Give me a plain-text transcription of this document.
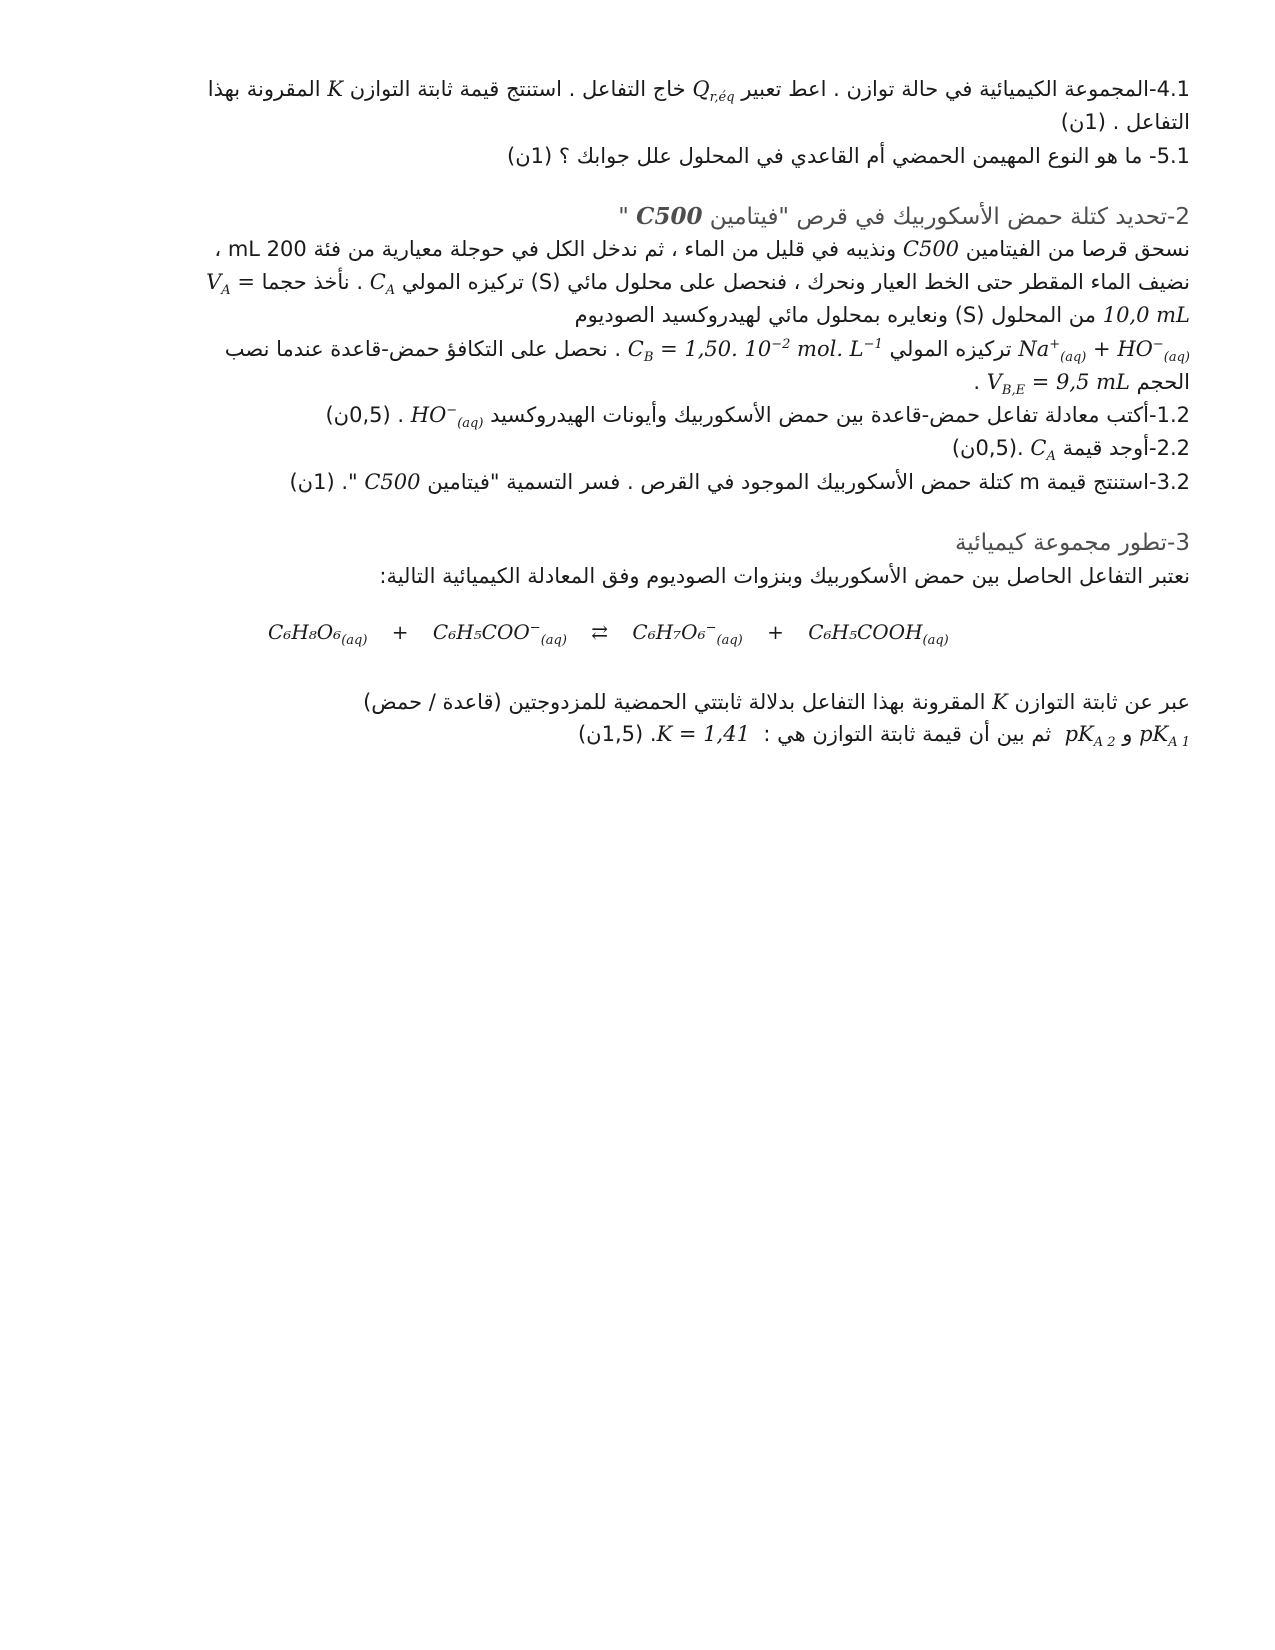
4.1-المجموعة الكيميائية في حالة توازن . اعط تعبير $Q_{r,éq}$ خاج التفاعل . استنتج قيمة ثابتة التوازن K المقرونة بهذا
التفاعل . (1ن)
5.1- ما هو النوع المهيمن الحمضي أم القاعدي في المحلول علل جوابك ؟ (1ن)
2-تحديد كتلة حمض الأسكوربيك في قرص "فيتامين C500 "
نسحق قرصا من الفيتامين C500 ونذيبه في قليل من الماء ، ثم ندخل الكل في حوجلة معيارية من فئة 200 mL ،
نضيف الماء المقطر حتى الخط العيار ونحرك ، فنحصل على محلول مائي (S) تركيزه المولي $C_A$ . نأخذ حجما $V_A$ =
10,0 mL من المحلول (S) ونعايره بمحلول مائي لهيدروكسيد الصوديوم
$Na^+_{(aq)} + HO^-_{(aq)}$ تركيزه المولي $C_B = 1,50$. $10^{-2}$ mol. $L^{-1}$ . نحصل على التكافؤ حمض-قاعدة عندما نصب
الحجم $V_{B,E} = 9,5$ mL .
1.2-أكتب معادلة تفاعل حمض-قاعدة بين حمض الأسكوربيك وأيونات الهيدروكسيد $HO^-_{(aq)}$ . (0,5ن)
2.2-أوجد قيمة $C_A$ .(0,5ن)
3.2-استنتج قيمة m كتلة حمض الأسكوربيك الموجود في القرص . فسر التسمية "فيتامين C500 ". (1ن)
3-تطور مجموعة كيميائية
نعتبر التفاعل الحاصل بين حمض الأسكوربيك وبنزوات الصوديوم وفق المعادلة الكيميائية التالية:
عبر عن ثابتة التوازن K المقرونة بهذا التفاعل بدلالة ثابتتي الحمضية للمزدوجتين (قاعدة / حمض)
$pK_{A 1}$ و $pK_{A 2}$  ثم بين أن قيمة ثابتة التوازن هي :  K = 1,41. (1,5ن)
$C_6H_8O_6_{(aq)} + C_6H_5COO^-_{(aq)}$ ⇄ $C_6H_7O_6^-_{(aq)}$ + $C_6H_5COOH_{(aq)}$
